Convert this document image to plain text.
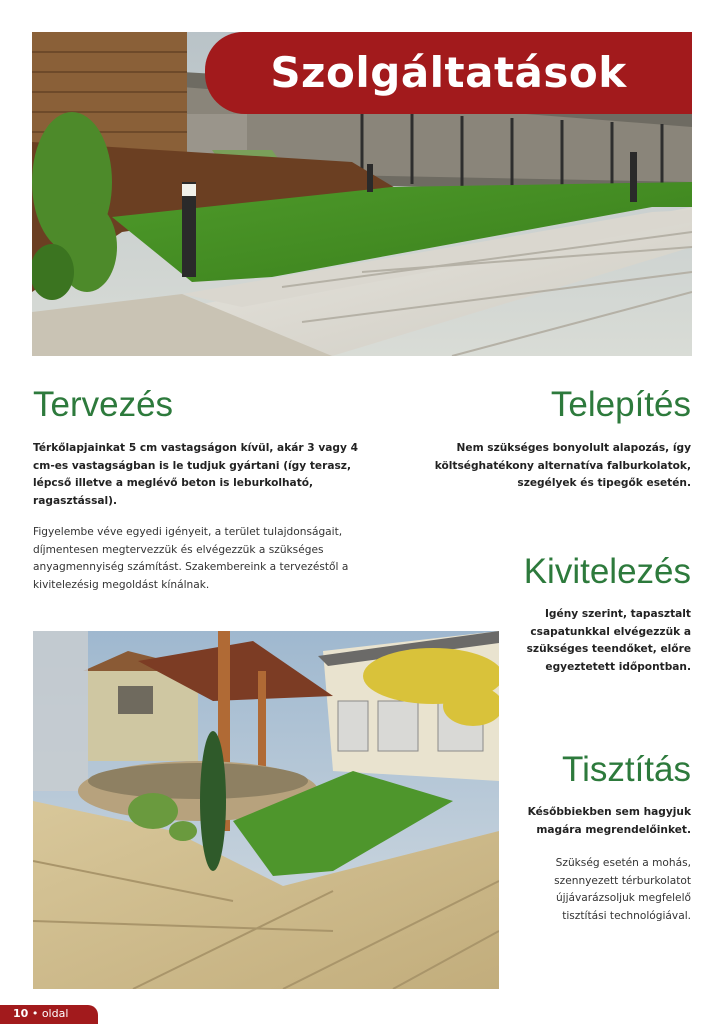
Szolgáltatások
Tervezés
Térkőlapjainkat 5 cm vastagságon kívül, akár 3 vagy 4
cm-es vastagságban is le tudjuk gyártani (így terasz,
lépcső illetve a meglévő beton is leburkolható,
ragasztással).
Figyelembe véve egyedi igényeit, a terület tulajdonságait,
díjmentesen megtervezzük és elvégezzük a szükséges
anyagmennyiség számítást. Szakembereink a tervezéstől a
kivitelezésig megoldást kínálnak.
Telepítés
Nem szükséges bonyolult alapozás, így
költséghatékony alternatíva falburkolatok,
szegélyek és tipegők esetén.
Kivitelezés
Igény szerint, tapasztalt
csapatunkkal elvégezzük a
szükséges teendőket, előre
egyeztetett időpontban.
Tisztítás
Későbbiekben sem hagyjuk
magára megrendelőinket.
Szükség esetén a mohás,
szennyezett térburkolatot
újjávarázsoljuk megfelelő
tisztítási technológiával.
10 • oldal
